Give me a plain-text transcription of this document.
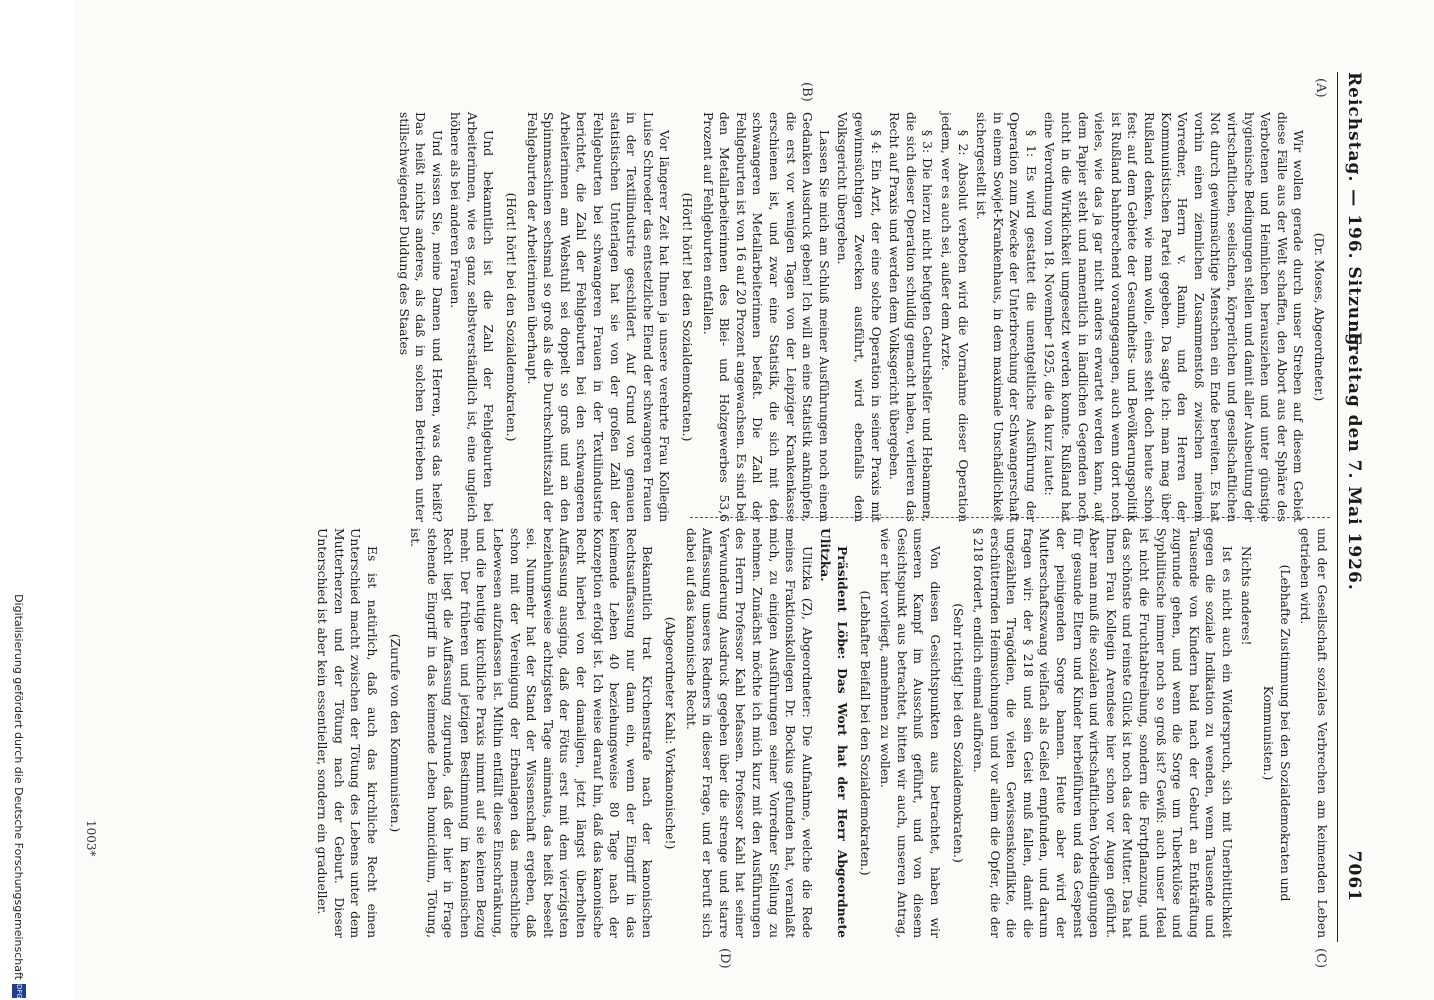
Reichstag. — 196. Sitzung.
Freitag den 7. Mai 1926.
7061
(A)
(B)
(C)
(D)

(Dr. Moses, Abgeordneter.)

Wir wollen gerade durch unser Streben auf diesem Gebiet diese Fälle aus der Welt schaffen, den Abort aus der Sphäre des Verbotenen und Heimlichen herausziehen und unter günstige hygienische Bedingungen stellen und damit aller Ausbeutung der wirtschaftlichen, seelischen, körperlichen und gesellschaftlichen Not durch gewinnsüchtige Menschen ein Ende bereiten. Es hat vorhin einen ziemlichen Zusammenstoß zwischen meinem Vorredner, Herrn v. Ramin, und den Herren der Kommunistischen Partei gegeben. Da sagte ich: man mag über Rußland denken, wie man wolle, eines steht doch heute schon fest: auf dem Gebiete der Gesundheits- und Bevölkerungspolitik ist Rußland bahnbrechend vorangegangen, auch wenn dort noch vieles, wie das ja gar nicht anders erwartet werden kann, auf dem Papier steht und namentlich in ländlichen Gegenden noch nicht in die Wirklichkeit umgesetzt werden konnte. Rußland hat eine Verordnung vom 18. November 1925, die da kurz lautet:

§ 1: Es wird gestattet die unentgeltliche Ausführung der Operation zum Zwecke der Unterbrechung der Schwangerschaft in einem Sowjet-Krankenhaus, in dem maximale Unschädlichkeit sichergestellt ist.

§ 2: Absolut verboten wird die Vornahme dieser Operation jedem, wer es auch sei, außer dem Arzte.

§ 3: Die hierzu nicht befugten Geburtshelfer und Hebammen, die sich dieser Operation schuldig gemacht haben, verlieren das Recht auf Praxis und werden dem Volksgericht übergeben.

§ 4: Ein Arzt, der eine solche Operation in seiner Praxis mit gewinnsüchtigen Zwecken ausführt, wird ebenfalls dem Volksgericht übergeben.

Lassen Sie mich am Schluß meiner Ausführungen noch einem Gedanken Ausdruck geben! Ich will an eine Statistik anknüpfen, die erst vor wenigen Tagen von der Leipziger Krankenkasse erschienen ist, und zwar eine Statistik, die sich mit den schwangeren Metallarbeiterinnen befaßt. Die Zahl der Fehlgeburten ist von 16 auf 20 Prozent angewachsen. Es sind bei den Metallarbeiterinnen des Blei- und Holzgewerbes 53,6 Prozent auf Fehlgeburten entfallen.

(Hört! hört! bei den Sozialdemokraten.)

Vor längerer Zeit hat Ihnen ja unsere verehrte Frau Kollegin Luise Schroeder das entsetzliche Elend der schwangeren Frauen in der Textilindustrie geschildert. Auf Grund von genauen statistischen Unterlagen hat sie von der großen Zahl der Fehlgeburten bei schwangeren Frauen in der Textilindustrie berichtet, die Zahl der Fehlgeburten bei den schwangeren Arbeiterinnen am Webstuhl sei doppelt so groß und an den Spinnmaschinen sechsmal so groß als die Durchschnittszahl der Fehlgeburten der Arbeiterinnen überhaupt.

(Hört! hört! bei den Sozialdemokraten.)

Und bekanntlich ist die Zahl der Fehlgeburten bei Arbeiterinnen, wie es ganz selbstverständlich ist, eine ungleich höhere als bei anderen Frauen.

Und wissen Sie, meine Damen und Herren, was das heißt? Das heißt nichts anderes, als daß in solchen Betrieben unter stillschweigender Duldung des Staates

und der Gesellschaft soziales Verbrechen am keimenden Leben getrieben wird.

(Lebhafte Zustimmung bei den Sozialdemokraten und Kommunisten.)

Nichts anderes!

Ist es nicht auch ein Widerspruch, sich mit Unerbittlichkeit gegen die soziale Indikation zu wenden, wenn Tausende und Tausende von Kindern bald nach der Geburt an Entkräftung zugrunde gehen, und wenn die Sorge um Tuberkulöse und Syphilitische immer noch so groß ist? Gewiß: auch unser Ideal ist nicht die Fruchtabtreibung, sondern die Fortpflanzung, und das schönste und reinste Glück ist noch das der Mutter. Das hat Ihnen Frau Kollegin Arendsee hier schon vor Augen geführt. Aber man muß die sozialen und wirtschaftlichen Vorbedingungen für gesunde Eltern und Kinder herbeiführen und das Gespenst der peinigenden Sorge bannen. Heute aber wird der Mutterschaftszwang vielfach als Geißel empfunden, und darum fragen wir: der § 218 und sein Geist muß fallen, damit die ungezählten Tragödien, die vielen Gewissenskonflikte, die erschütternden Heimsuchungen und vor allem die Opfer, die der § 218 fordert, endlich einmal aufhören.

(Sehr richtig! bei den Sozialdemokraten.)

Von diesen Gesichtspunkten aus betrachtet, haben wir unseren Kampf im Ausschuß geführt, und von diesem Gesichtspunkt aus betrachtet, bitten wir auch, unseren Antrag, wie er hier vorliegt, annehmen zu wollen.

(Lebhafter Beifall bei den Sozialdemokraten.)

Präsident Löbe: Das Wort hat der Herr Abgeordnete Ulitzka.

Ulitzka (Z), Abgeordneter: Die Aufnahme, welche die Rede meines Fraktionskollegen Dr. Bockius gefunden hat, veranlaßt mich, zu einigen Ausführungen seiner Vorredner Stellung zu nehmen. Zunächst möchte ich mich kurz mit den Ausführungen des Herrn Professor Kahl befassen. Professor Kahl hat seiner Verwunderung Ausdruck gegeben über die strenge und starre Auffassung unseres Redners in dieser Frage, und er beruft sich dabei auf das kanonische Recht.

(Abgeordneter Kahl: Vorkanonische!)

Bekanntlich trat Kirchenstrafe nach der kanonischen Rechtsauffassung nur dann ein, wenn der Eingriff in das keimende Leben 40 beziehungsweise 80 Tage nach der Konzeption erfolgt ist. Ich weise darauf hin, daß das kanonische Recht hierbei von der damaligen, jetzt längst überholten Auffassung ausging, daß der Fötus erst mit dem vierzigsten beziehungsweise achtzigsten Tage animatus, das heißt beseelt sei. Nunmehr hat der Stand der Wissenschaft ergeben, daß schon mit der Vereinigung der Erbanlagen das menschliche Lebewesen aufzufassen ist. Mithin entfällt diese Einschränkung, und die heutige kirchliche Praxis nimmt auf sie keinen Bezug mehr. Der früheren und jetzigen Bestimmung im kanonischen Recht liegt die Auffassung zugrunde, daß der hier in Frage stehende Eingriff in das keimende Leben homicidium, Tötung, ist.

(Zurufe von den Kommunisten.)

Es ist natürlich, daß auch das kirchliche Recht einen Unterschied macht zwischen der Tötung des Lebens unter dem Mutterherzen und der Tötung nach der Geburt. Dieser Unterschied ist aber kein essentieller, sondern ein gradueller.

1003*
Digitalisierung gefördert durch die Deutsche Forschungsgemeinschaft
DFG
